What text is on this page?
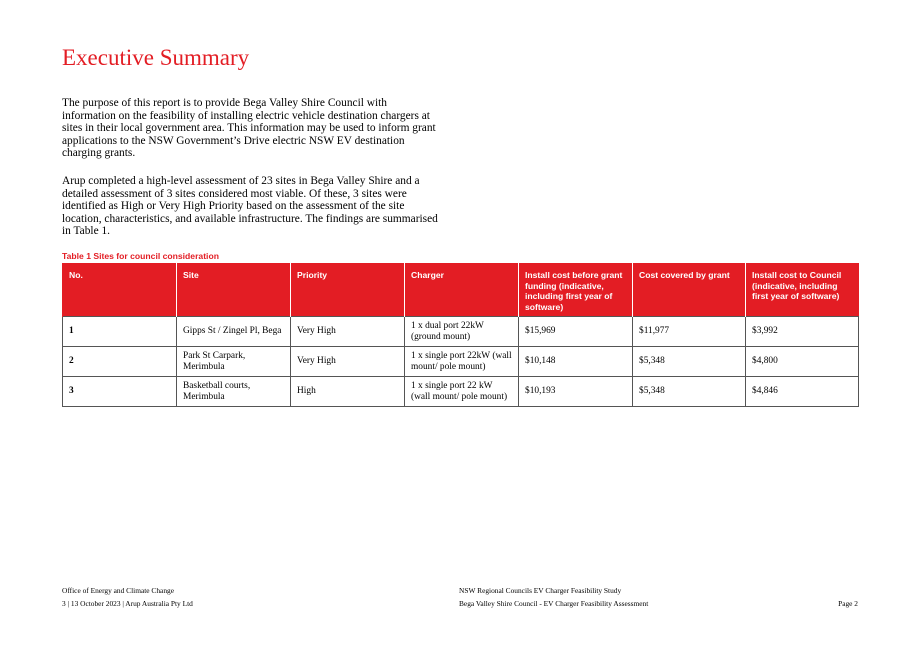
Executive Summary

The purpose of this report is to provide Bega Valley Shire Council with information on the feasibility of installing electric vehicle destination chargers at sites in their local government area. This information may be used to inform grant applications to the NSW Government’s Drive electric NSW EV destination charging grants.

Arup completed a high-level assessment of 23 sites in Bega Valley Shire and a detailed assessment of 3 sites considered most viable. Of these, 3 sites were identified as High or Very High Priority based on the assessment of the site location, characteristics, and available infrastructure. The findings are summarised in Table 1.

Table 1 Sites for council consideration
No.	Site	Priority	Charger	Install cost before grant funding (indicative, including first year of software)	Cost covered by grant	Install cost to Council (indicative, including first year of software)
1	Gipps St / Zingel Pl, Bega	Very High	1 x dual port 22kW (ground mount)	$15,969	$11,977	$3,992
2	Park St Carpark, Merimbula	Very High	1 x single port 22kW (wall mount/ pole mount)	$10,148	$5,348	$4,800
3	Basketball courts, Merimbula	High	1 x single port 22 kW (wall mount/ pole mount)	$10,193	$5,348	$4,846
Office of Energy and Climate Change
3 | 13 October 2023 | Arup Australia Pty Ltd
NSW Regional Councils EV Charger Feasibility Study
Bega Valley Shire Council - EV Charger Feasibility Assessment	Page 2
